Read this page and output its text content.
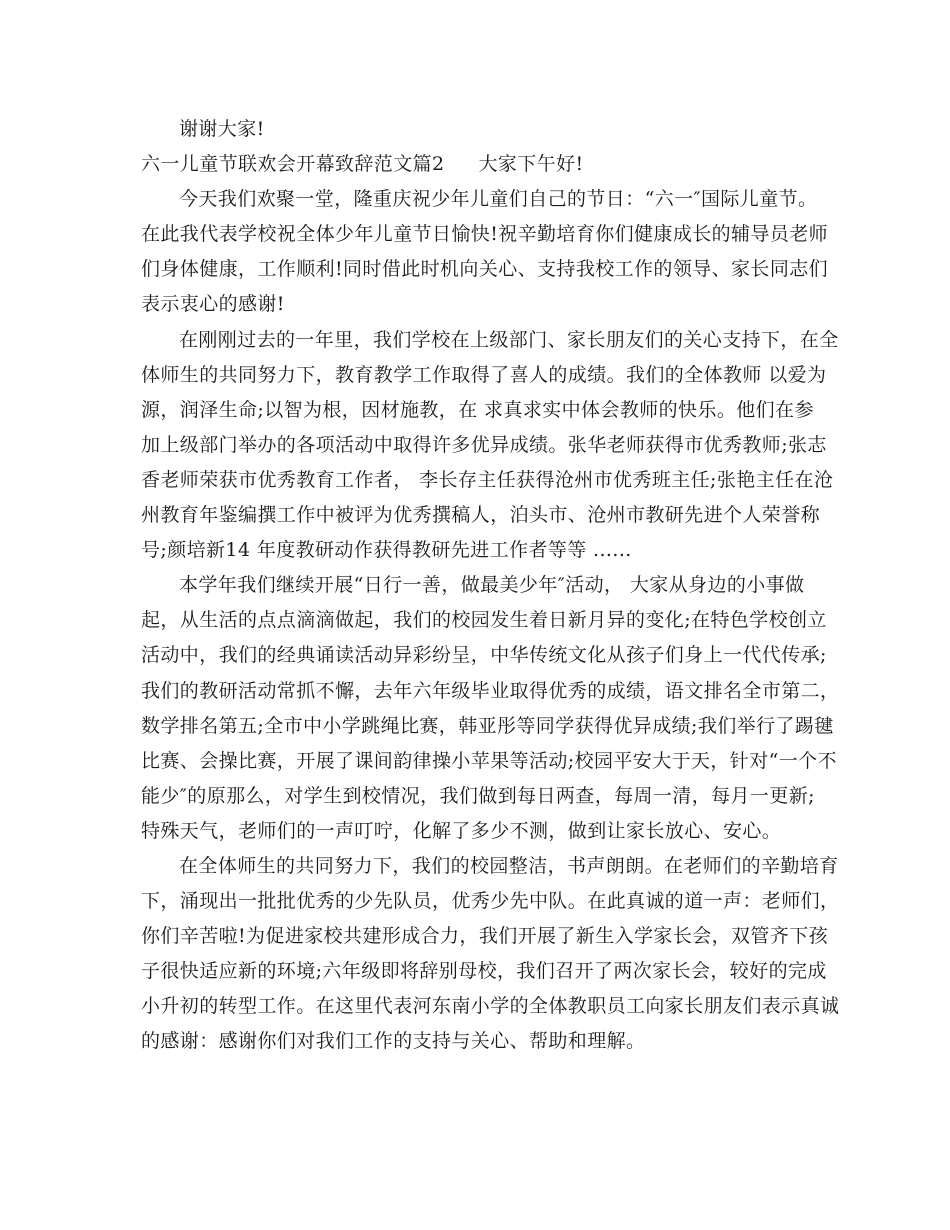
谢谢大家!
六一儿童节联欢会开幕致辞范文篇2 大家下午好!
今天我们欢聚一堂，隆重庆祝少年儿童们自己的节日：“六一″国际儿童节。
在此我代表学校祝全体少年儿童节日愉快!祝辛勤培育你们健康成长的辅导员老师
们身体健康，工作顺利!同时借此时机向关心、支持我校工作的领导、家长同志们
表示衷心的感谢!
在刚刚过去的一年里，我们学校在上级部门、家长朋友们的关心支持下，在全
体师生的共同努力下，教育教学工作取得了喜人的成绩。我们的全体教师 以爱为
源，润泽生命;以智为根，因材施教，在 求真求实中体会教师的快乐。他们在参
加上级部门举办的各项活动中取得许多优异成绩。张华老师获得市优秀教师;张志
香老师荣获市优秀教育工作者， 李长存主任获得沧州市优秀班主任;张艳主任在沧
州教育年鉴编撰工作中被评为优秀撰稿人，泊头市、沧州市教研先进个人荣誉称
号;颜培新14 年度教研动作获得教研先进工作者等等 ......
本学年我们继续开展“日行一善，做最美少年″活动， 大家从身边的小事做
起，从生活的点点滴滴做起，我们的校园发生着日新月异的变化;在特色学校创立
活动中，我们的经典诵读活动异彩纷呈，中华传统文化从孩子们身上一代代传承;
我们的教研活动常抓不懈，去年六年级毕业取得优秀的成绩，语文排名全市第二，
数学排名第五;全市中小学跳绳比赛，韩亚彤等同学获得优异成绩;我们举行了踢毽
比赛、会操比赛，开展了课间韵律操小苹果等活动;校园平安大于天，针对“一个不
能少″的原那么，对学生到校情况，我们做到每日两查，每周一清，每月一更新;
特殊天气，老师们的一声叮咛，化解了多少不测，做到让家长放心、安心。
在全体师生的共同努力下，我们的校园整洁，书声朗朗。在老师们的辛勤培育
下，涌现出一批批优秀的少先队员，优秀少先中队。在此真诚的道一声：老师们，
你们辛苦啦!为促进家校共建形成合力，我们开展了新生入学家长会，双管齐下孩
子很快适应新的环境;六年级即将辞别母校，我们召开了两次家长会，较好的完成
小升初的转型工作。在这里代表河东南小学的全体教职员工向家长朋友们表示真诚
的感谢：感谢你们对我们工作的支持与关心、帮助和理解。
